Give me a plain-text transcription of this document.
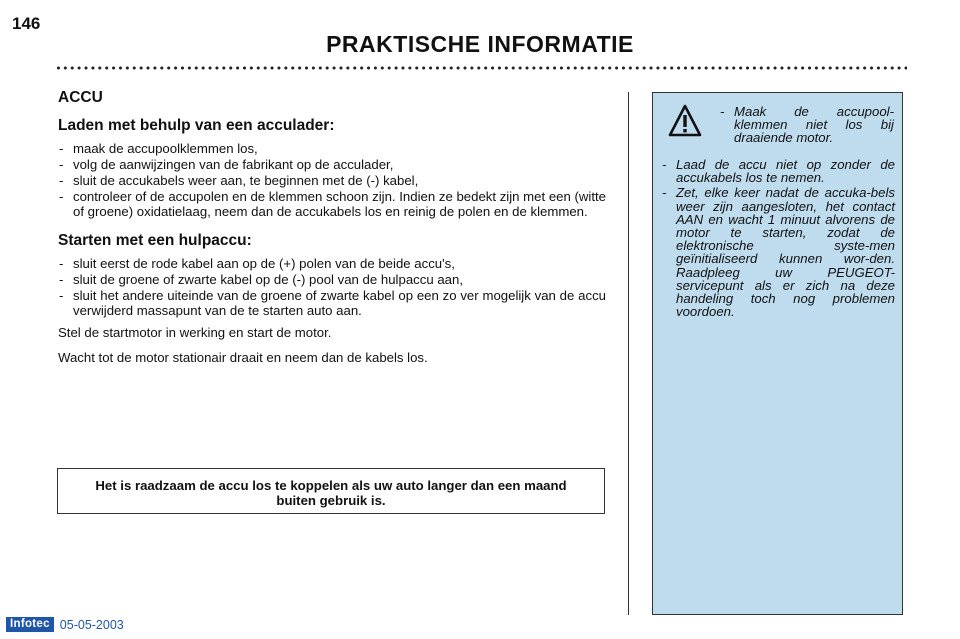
146
PRAKTISCHE INFORMATIE

ACCU

Laden met behulp van een acculader:

- maak de accupoolklemmen los,
- volg de aanwijzingen van de fabrikant op de acculader,
- sluit de accukabels weer aan, te beginnen met de (-) kabel,
- controleer of de accupolen en de klemmen schoon zijn. Indien ze bedekt zijn met een (witte of groene) oxidatielaag, neem dan de accukabels los en reinig de polen en de klemmen.

Starten met een hulpaccu:

- sluit eerst de rode kabel aan op de (+) polen van de beide accu's,
- sluit de groene of zwarte kabel op de (-) pool van de hulpaccu aan,
- sluit het andere uiteinde van de groene of zwarte kabel op een zo ver mogelijk van de accu verwijderd massapunt van de te starten auto aan.

Stel de startmotor in werking en start de motor.

Wacht tot de motor stationair draait en neem dan de kabels los.

Het is raadzaam de accu los te koppelen als uw auto langer dan een maand buiten gebruik is.
- Maak de accupool-klemmen niet los bij draaiende motor.
- Laad de accu niet op zonder de accukabels los te nemen.
- Zet, elke keer nadat de accuka-bels weer zijn aangesloten, het contact AAN en wacht 1 minuut alvorens de motor te starten, zodat de elektronische syste-men geïnitialiseerd kunnen wor-den. Raadpleeg uw PEUGEOT-servicepunt als er zich na deze handeling toch nog problemen voordoen.
Infotec 05-05-2003
